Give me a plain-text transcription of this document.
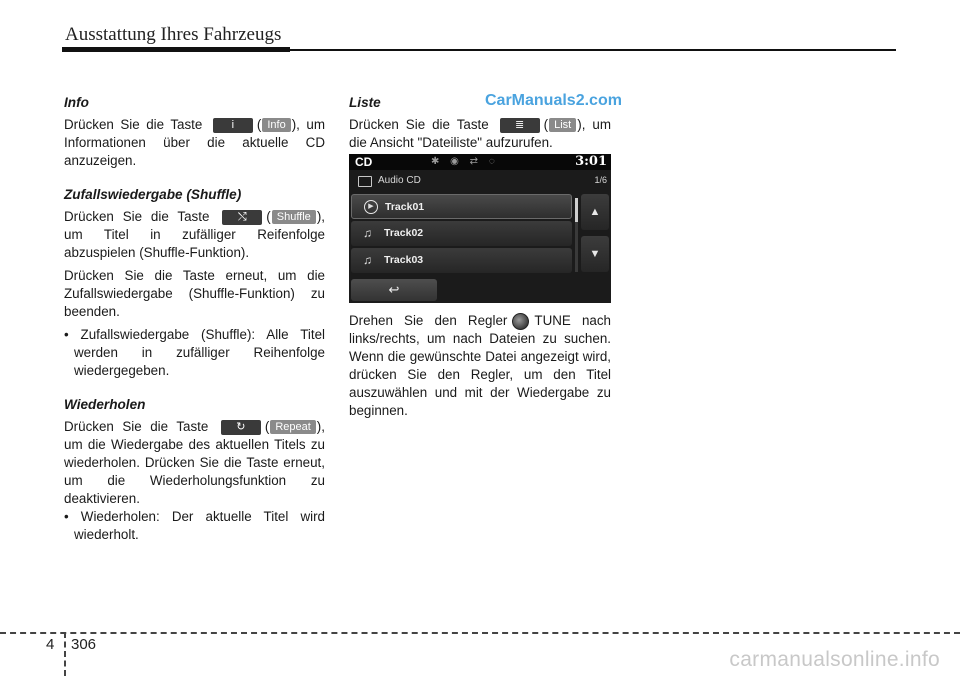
Ausstattung Ihres Fahrzeugs
CarManuals2.com
Info

Drücken Sie die Taste	i	( Info ), um Informationen über die aktuelle CD anzuzeigen.

Zufallswiedergabe (Shuffle)

Drücken Sie die Taste	⤭	( Shuffle ), um Titel in zufälliger Reifenfolge abzuspielen (Shuffle-Funktion).

Drücken Sie die Taste erneut, um die Zufallswiedergabe (Shuffle-Funktion) zu beenden.

• Zufallswiedergabe (Shuffle): Alle Titel werden in zufälliger Reihenfolge wiedergegeben.

Wiederholen

Drücken Sie die Taste	↻	( Repeat ), um die Wiedergabe des aktuellen Titels zu wiederholen. Drücken Sie die Taste erneut, um die Wiederholungsfunktion zu deaktivieren.

• Wiederholen: Der aktuelle Titel wird wiederholt.

Liste

Drücken Sie die Taste	≣	( List ), um die Ansicht "Dateiliste" aufzurufen.

CD	✱ ◉ ⇄ ◌	3:01
Audio CD	1/6
▶	Track01
♫ Track02
♫ Track03
▲
▼
↩

Drehen Sie den Regler TUNE nach links/rechts, um nach Dateien zu suchen. Wenn die gewünschte Datei angezeigt wird, drücken Sie den Regler, um den Titel auszuwählen und mit der Wiedergabe zu beginnen.

4 306
carmanualsonline.info
